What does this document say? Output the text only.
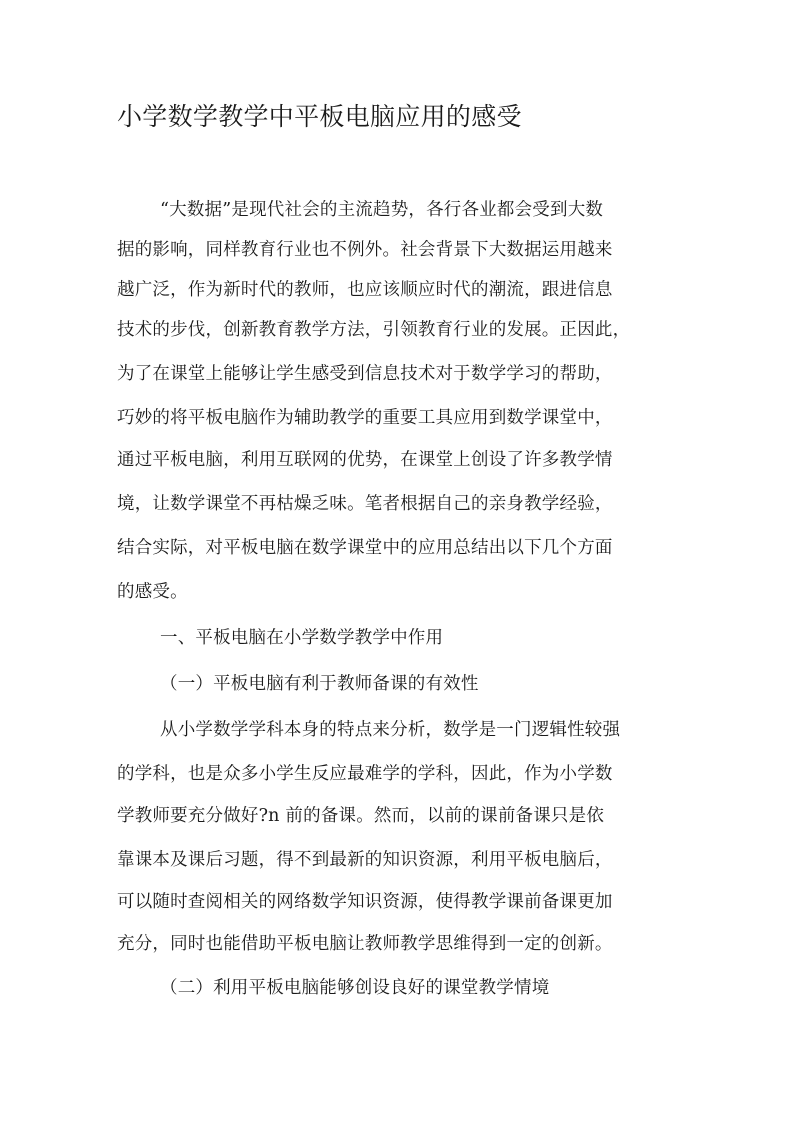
小学数学教学中平板电脑应用的感受
“大数据”是现代社会的主流趋势，各行各业都会受到大数
据的影响，同样教育行业也不例外。社会背景下大数据运用越来
越广泛，作为新时代的教师，也应该顺应时代的潮流，跟进信息
技术的步伐，创新教育教学方法，引领教育行业的发展。正因此，
为了在课堂上能够让学生感受到信息技术对于数学学习的帮助，
巧妙的将平板电脑作为辅助教学的重要工具应用到数学课堂中，
通过平板电脑，利用互联网的优势，在课堂上创设了许多教学情
境，让数学课堂不再枯燥乏味。笔者根据自己的亲身教学经验，
结合实际，对平板电脑在数学课堂中的应用总结出以下几个方面
的感受。
一、平板电脑在小学数学教学中作用
（一）平板电脑有利于教师备课的有效性
从小学数学学科本身的特点来分析，数学是一门逻辑性较强
的学科，也是众多小学生反应最难学的学科，因此，作为小学数
学教师要充分做好?n 前的备课。然而，以前的课前备课只是依
靠课本及课后习题，得不到最新的知识资源，利用平板电脑后，
可以随时查阅相关的网络数学知识资源，使得教学课前备课更加
充分，同时也能借助平板电脑让教师教学思维得到一定的创新。
（二）利用平板电脑能够创设良好的课堂教学情境
